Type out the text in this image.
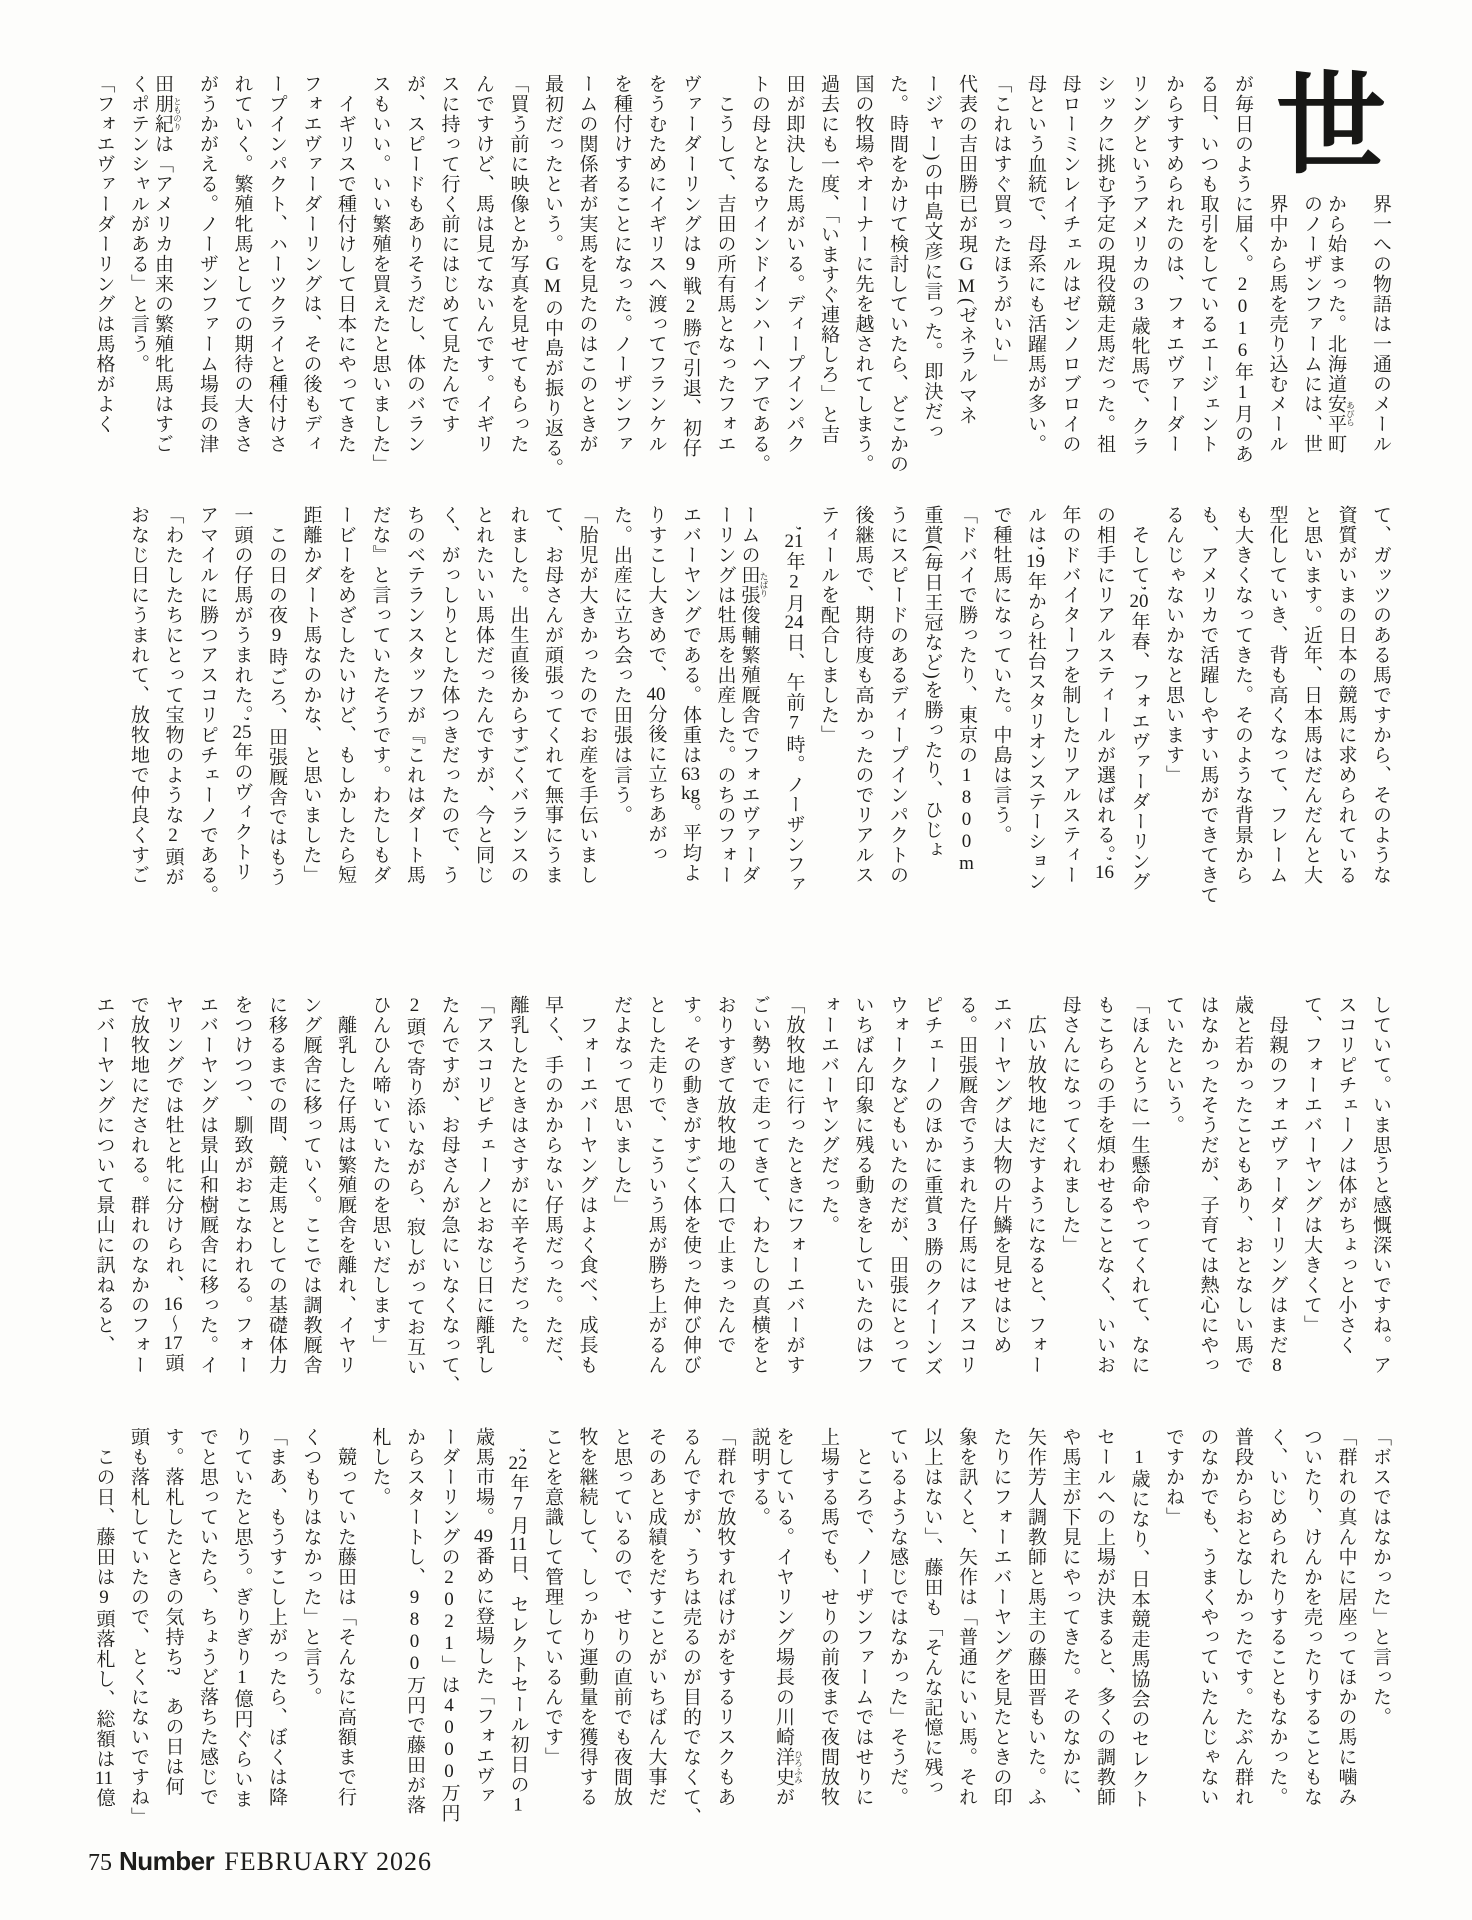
世

界一への物語は一通のメール

から始まった。北海道安平 あびら町

のノーザンファームには、世

界中から馬を売り込むメール

が毎日のように届く。2016年1月のあ

る日、いつも取引をしているエージェント

からすすめられたのは、フォエヴァーダー

リングというアメリカの3歳牝馬で、クラ

シックに挑む予定の現役競走馬だった。祖

母ローミンレイチェルはゼンノロブロイの

母という血統で、母系にも活躍馬が多い。

「これはすぐ買ったほうがいい」

代表の吉田勝已が現GM(ゼネラルマネ

ージャー)の中島文彦に言った。即決だっ

た。時間をかけて検討していたら、どこかの

国の牧場やオーナーに先を越されてしまう。

過去にも一度、「いますぐ連絡しろ」と吉

田が即決した馬がいる。ディープインパク

トの母となるウインドインハーヘアである。

　こうして、吉田の所有馬となったフォエ

ヴァーダーリングは9戦2勝で引退、初仔

をうむためにイギリスへ渡ってフランケル

を種付けすることになった。ノーザンファ

ームの関係者が実馬を見たのはこのときが

最初だったという。GMの中島が振り返る。

「買う前に映像とか写真を見せてもらった

んですけど、馬は見てないんです。イギリ

スに持って行く前にはじめて見たんです

が、スピードもありそうだし、体のバラン

スもいい。いい繁殖を買えたと思いました」

　イギリスで種付けして日本にやってきた

フォエヴァーダーリングは、その後もディ

ープインパクト、ハーツクライと種付けさ

れていく。繁殖牝馬としての期待の大きさ

がうかがえる。ノーザンファーム場長の津

田朋紀 とものりは「アメリカ由来の繁殖牝馬はすご

くポテンシャルがある」と言う。

「フォエヴァーダーリングは馬格がよく

て、ガッツのある馬ですから、そのような

資質がいまの日本の競馬に求められている

と思います。近年、日本馬はだんだんと大

型化していき、背も高くなって、フレーム

も大きくなってきた。そのような背景から

も、アメリカで活躍しやすい馬ができてきて

るんじゃないかなと思います」

　そして’20年春、フォエヴァーダーリング

の相手にリアルスティールが選ばれる。’16

年のドバイターフを制したリアルスティー

ルは’19年から社台スタリオンステーション

で種牡馬になっていた。中島は言う。

「ドバイで勝ったり、東京の1800m

重賞(毎日王冠など)を勝ったり、ひじょ

うにスピードのあるディープインパクトの

後継馬で、期待度も高かったのでリアルス

ティールを配合しました」

　’21年2月24日、午前7時。ノーザンファ

ームの田張 たばり俊輔繁殖厩舎でフォエヴァーダ

ーリングは牡馬を出産した。のちのフォー

エバーヤングである。体重は63kg。平均よ

りすこし大きめで、40分後に立ちあがっ

た。出産に立ち会った田張は言う。

「胎児が大きかったのでお産を手伝いまし

て、お母さんが頑張ってくれて無事にうま

れました。出生直後からすごくバランスの

とれたいい馬体だったんですが、今と同じ

く、がっしりとした体つきだったので、う

ちのベテランスタッフが『これはダート馬

だな』と言っていたそうです。わたしもダ

ービーをめざしたいけど、もしかしたら短

距離かダート馬なのかな、と思いました」

　この日の夜9時ごろ、田張厩舎ではもう

一頭の仔馬がうまれた。’25年のヴィクトリ

アマイルに勝つアスコリピチェーノである。

「わたしたちにとって宝物のような2頭が

おなじ日にうまれて、放牧地で仲良くすご

していて。いま思うと感慨深いですね。ア

スコリピチェーノは体がちょっと小さく

て、フォーエバーヤングは大きくて」

　母親のフォエヴァーダーリングはまだ8

歳と若かったこともあり、おとなしい馬で

はなかったそうだが、子育ては熱心にやっ

ていたという。

「ほんとうに一生懸命やってくれて、なに

もこちらの手を煩わせることなく、いいお

母さんになってくれました」

　広い放牧地にだすようになると、フォー

エバーヤングは大物の片鱗を見せはじめ

る。田張厩舎でうまれた仔馬にはアスコリ

ピチェーノのほかに重賞3勝のクイーンズ

ウォークなどもいたのだが、田張にとって

いちばん印象に残る動きをしていたのはフ

ォーエバーヤングだった。

「放牧地に行ったときにフォーエバーがす

ごい勢いで走ってきて、わたしの真横をと

おりすぎて放牧地の入口で止まったんで

す。その動きがすごく体を使った伸び伸び

とした走りで、こういう馬が勝ち上がるん

だよなって思いました」

　フォーエバーヤングはよく食べ、成長も

早く、手のかからない仔馬だった。ただ、

離乳したときはさすがに辛そうだった。

「アスコリピチェーノとおなじ日に離乳し

たんですが、お母さんが急にいなくなって、

2頭で寄り添いながら、寂しがってお互い

ひんひん啼いていたのを思いだします」

　離乳した仔馬は繁殖厩舎を離れ、イヤリ

ング厩舎に移っていく。ここでは調教厩舎

に移るまでの間、競走馬としての基礎体力

をつけつつ、馴致がおこなわれる。フォー

エバーヤングは景山和樹厩舎に移った。イ

ヤリングでは牡と牝に分けられ、16〜17頭

で放牧地にだされる。群れのなかのフォー

エバーヤングについて景山に訊ねると、

「ボスではなかった」と言った。

「群れの真ん中に居座ってほかの馬に噛み

ついたり、けんかを売ったりすることもな

く、いじめられたりすることもなかった。

普段からおとなしかったです。たぶん群れ

のなかでも、うまくやっていたんじゃない

ですかね」

　1歳になり、日本競走馬協会のセレクト

セールへの上場が決まると、多くの調教師

や馬主が下見にやってきた。そのなかに、

矢作芳人調教師と馬主の藤田晋もいた。ふ

たりにフォーエバーヤングを見たときの印

象を訊くと、矢作は「普通にいい馬。それ

以上はない」、藤田も「そんな記憶に残っ

ているような感じではなかった」そうだ。

　ところで、ノーザンファームではせりに

上場する馬でも、せりの前夜まで夜間放牧

をしている。イヤリング場長の川崎洋史 ひろふみが

説明する。

「群れで放牧すればけがをするリスクもあ

るんですが、うちは売るのが目的でなくて、

そのあと成績をだすことがいちばん大事だ

と思っているので、せりの直前でも夜間放

牧を継続して、しっかり運動量を獲得する

ことを意識して管理しているんです」

　’22年7月11日、セレクトセール初日の1

歳馬市場。49番めに登場した「フォエヴァ

ーダーリングの2021」は4000万円

からスタートし、9800万円で藤田が落

札した。

　競っていた藤田は「そんなに高額まで行

くつもりはなかった」と言う。

「まあ、もうすこし上がったら、ぼくは降

りていたと思う。ぎりぎり1億円ぐらいま

でと思っていたら、ちょうど落ちた感じで

す。落札したときの気持ち?　あの日は何

頭も落札していたので、とくにないですね」

　この日、藤田は9頭落札し、総額は11億

75 Number FEBRUARY 2026
